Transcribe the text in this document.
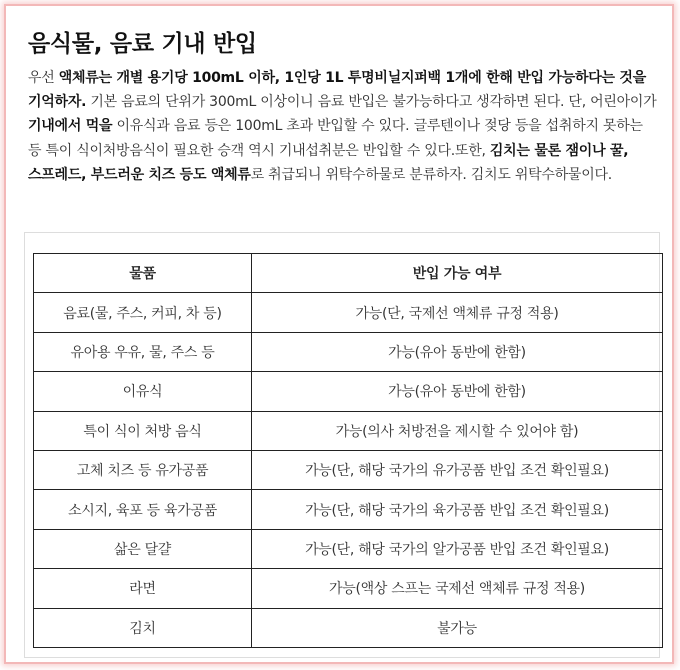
음식물, 음료 기내 반입

우선 액체류는 개별 용기당 100mL 이하, 1인당 1L 투명비닐지퍼백 1개에 한해 반입 가능하다는 것을 기억하자. 기본 음료의 단위가 300mL 이상이니 음료 반입은 불가능하다고 생각하면 된다. 단, 어린아이가 기내에서 먹을 이유식과 음료 등은 100mL 초과 반입할 수 있다. 글루텐이나 젖당 등을 섭취하지 못하는 등 특이 식이처방음식이 필요한 승객 역시 기내섭취분은 반입할 수 있다.또한, 김치는 물론 잼이나 꿀, 스프레드, 부드러운 치즈 등도 액체류로 취급되니 위탁수하물로 분류하자. 김치도 위탁수하물이다.

물품	반입 가능 여부
음료(물, 주스, 커피, 차 등)	가능(단, 국제선 액체류 규정 적용)
유아용 우유, 물, 주스 등	가능(유아 동반에 한함)
이유식	가능(유아 동반에 한함)
특이 식이 처방 음식	가능(의사 처방전을 제시할 수 있어야 함)
고체 치즈 등 유가공품	가능(단, 해당 국가의 유가공품 반입 조건 확인필요)
소시지, 육포 등 육가공품	가능(단, 해당 국가의 육가공품 반입 조건 확인필요)
삶은 달걀	가능(단, 해당 국가의 알가공품 반입 조건 확인필요)
라면	가능(액상 스프는 국제선 액체류 규정 적용)
김치	불가능
